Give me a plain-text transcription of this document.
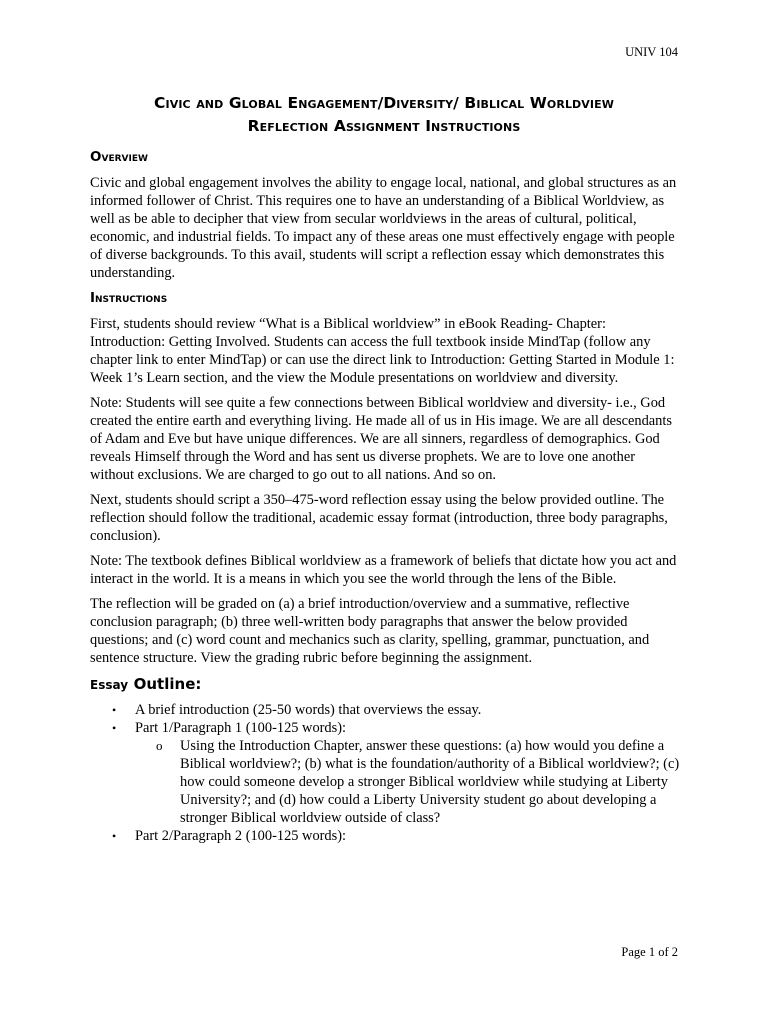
UNIV 104
Civic and Global Engagement/Diversity/ Biblical Worldview
Reflection Assignment Instructions
Overview

Civic and global engagement involves the ability to engage local, national, and global structures as an informed follower of Christ. This requires one to have an understanding of a Biblical Worldview, as well as be able to decipher that view from secular worldviews in the areas of cultural, political, economic, and industrial fields. To impact any of these areas one must effectively engage with people of diverse backgrounds. To this avail, students will script a reflection essay which demonstrates this understanding.

Instructions

First, students should review “What is a Biblical worldview” in eBook Reading- Chapter: Introduction: Getting Involved. Students can access the full textbook inside MindTap (follow any chapter link to enter MindTap) or can use the direct link to Introduction: Getting Started in Module 1: Week 1’s Learn section, and the view the Module presentations on worldview and diversity.

Note: Students will see quite a few connections between Biblical worldview and diversity- i.e., God created the entire earth and everything living. He made all of us in His image. We are all descendants of Adam and Eve but have unique differences. We are all sinners, regardless of demographics. God reveals Himself through the Word and has sent us diverse prophets. We are to love one another without exclusions. We are charged to go out to all nations. And so on.

Next, students should script a 350–475-word reflection essay using the below provided outline. The reflection should follow the traditional, academic essay format (introduction, three body paragraphs, conclusion).

Note: The textbook defines Biblical worldview as a framework of beliefs that dictate how you act and interact in the world. It is a means in which you see the world through the lens of the Bible.

The reflection will be graded on (a) a brief introduction/overview and a summative, reflective conclusion paragraph; (b) three well-written body paragraphs that answer the below provided questions; and (c) word count and mechanics such as clarity, spelling, grammar, punctuation, and sentence structure. View the grading rubric before beginning the assignment.

Essay Outline:
• A brief introduction (25-50 words) that overviews the essay.
• Part 1/Paragraph 1 (100-125 words):
o Using the Introduction Chapter, answer these questions: (a) how would you define a Biblical worldview?; (b) what is the foundation/authority of a Biblical worldview?; (c) how could someone develop a stronger Biblical worldview while studying at Liberty University?; and (d) how could a Liberty University student go about developing a stronger Biblical worldview outside of class?
• Part 2/Paragraph 2 (100-125 words):
Page 1 of 2
